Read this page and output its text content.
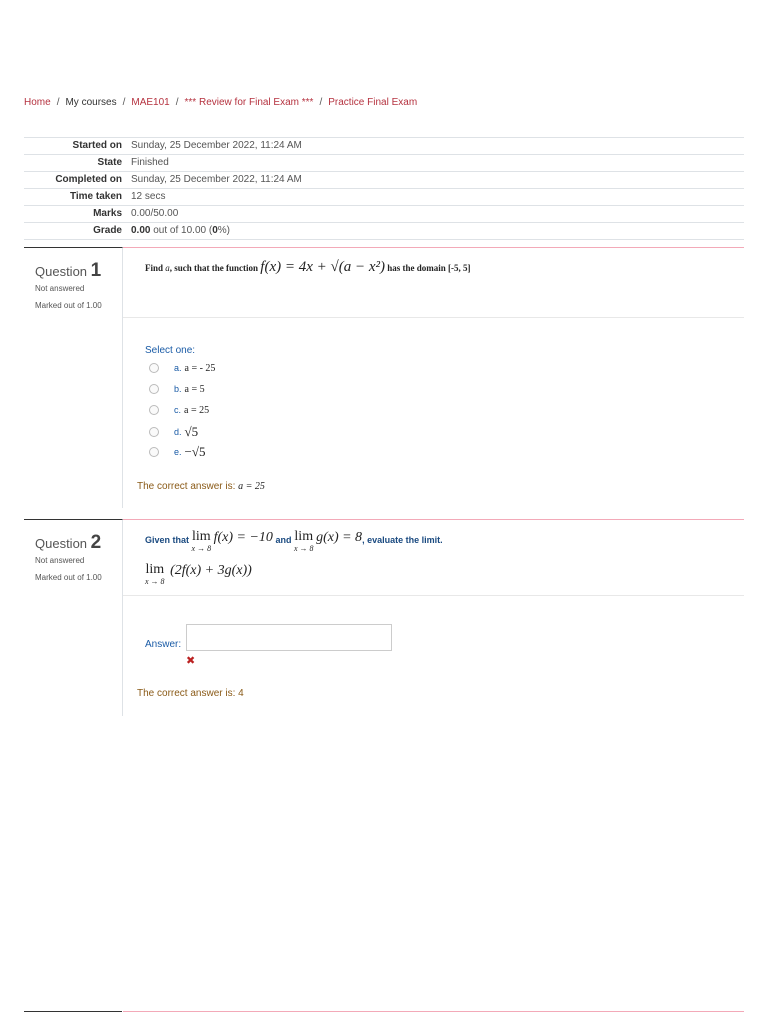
Home / My courses / MAE101 / *** Review for Final Exam *** / Practice Final Exam
Started on Sunday, 25 December 2022, 11:24 AM
State Finished
Completed on Sunday, 25 December 2022, 11:24 AM
Time taken 12 secs
Marks 0.00/50.00
Grade 0.00 out of 10.00 (0%)
Question 1
Not answered
Marked out of 1.00
Find a, such that the function f(x) = 4x + √(a − x²) has the domain [-5, 5]
Select one:
a. a = - 25
b. a = 5
c. a = 25
d. √5
e. −√5
The correct answer is: a = 25
Question 2
Not answered
Marked out of 1.00
Given that lim
x → 8
f(x) = −10 and lim
x → 8
g(x) = 8, evaluate the limit.
lim
x → 8
(2f(x) + 3g(x))
Answer:
✖
The correct answer is: 4
